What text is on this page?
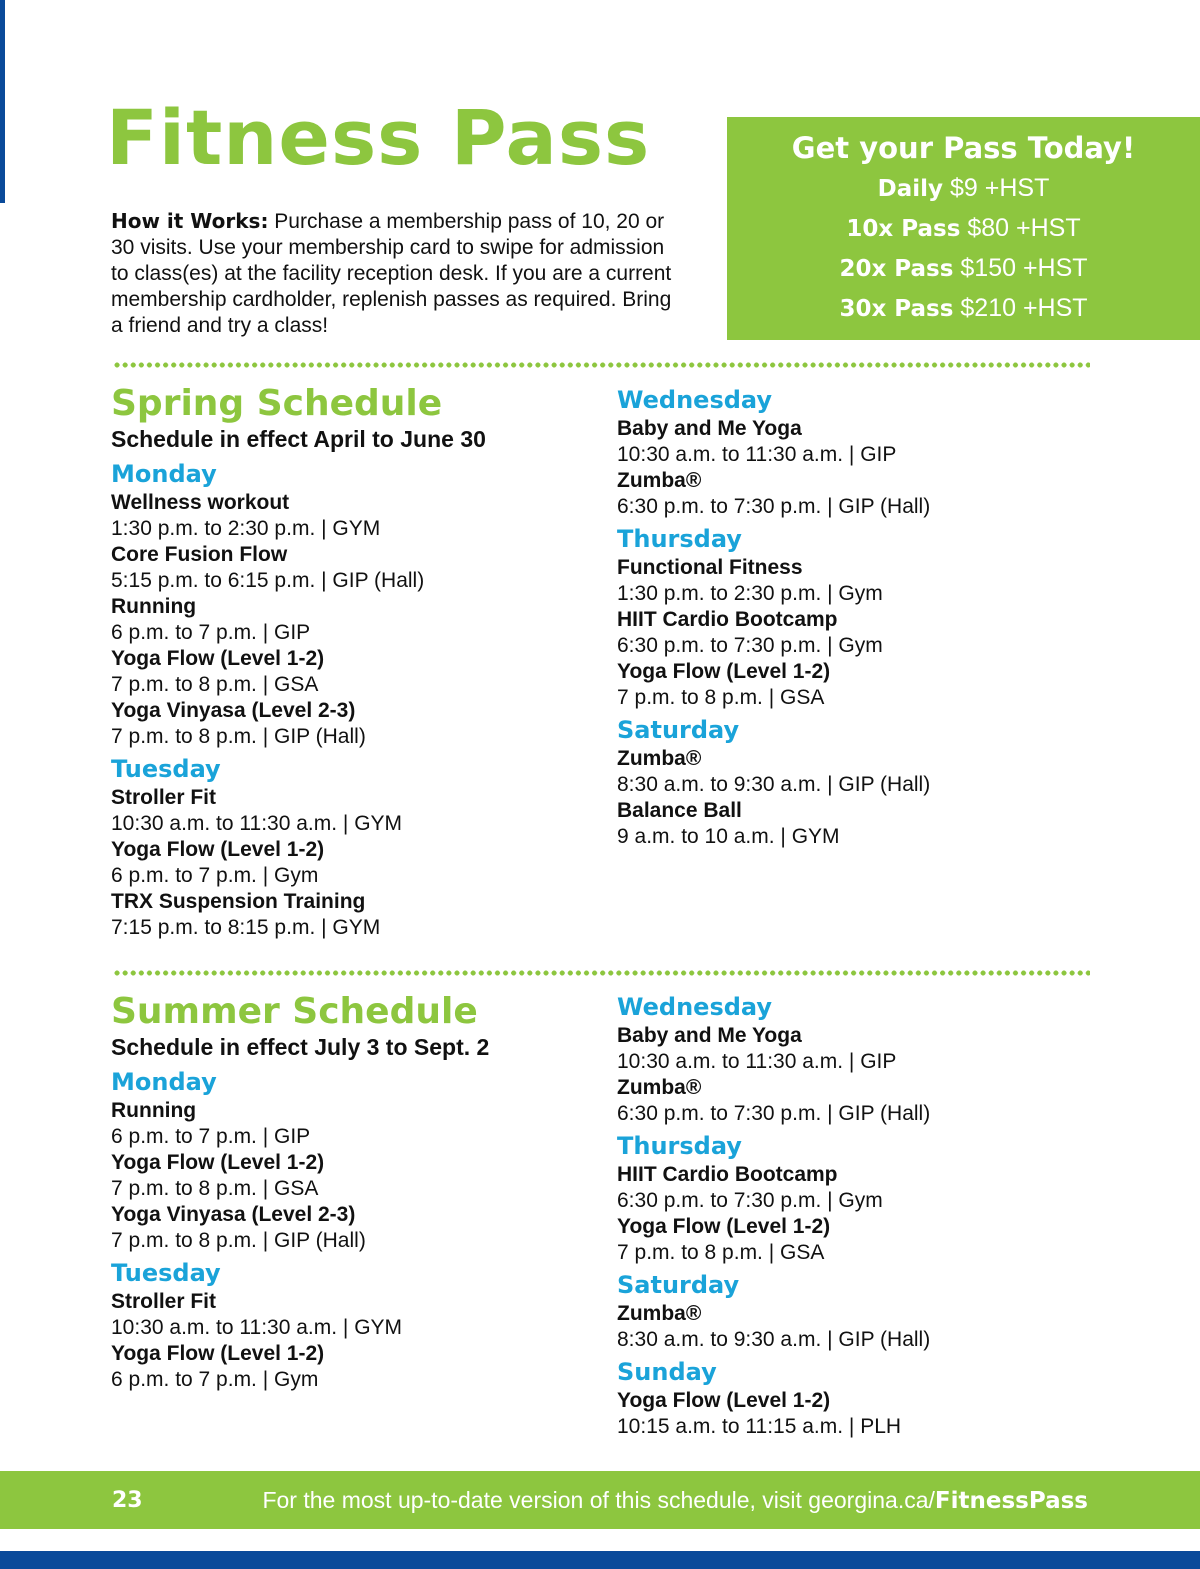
Fitness Pass
How it Works: Purchase a membership pass of 10, 20 or 30 visits. Use your membership card to swipe for admission to class(es) at the facility reception desk. If you are a current membership cardholder, replenish passes as required. Bring a friend and try a class!
Get your Pass Today!
Daily $9 +HST
10x Pass $80 +HST
20x Pass $150 +HST
30x Pass $210 +HST
Spring Schedule
Schedule in effect April to June 30
Monday
Wellness workout
1:30 p.m. to 2:30 p.m. | GYM
Core Fusion Flow
5:15 p.m. to 6:15 p.m. | GIP (Hall)
Running
6 p.m. to 7 p.m. | GIP
Yoga Flow (Level 1-2)
7 p.m. to 8 p.m. | GSA
Yoga Vinyasa (Level 2-3)
7 p.m. to 8 p.m. | GIP (Hall)
Tuesday
Stroller Fit
10:30 a.m. to 11:30 a.m. | GYM
Yoga Flow (Level 1-2)
6 p.m. to 7 p.m. | Gym
TRX Suspension Training
7:15 p.m. to 8:15 p.m. | GYM
Wednesday
Baby and Me Yoga
10:30 a.m. to 11:30 a.m. | GIP
Zumba®
6:30 p.m. to 7:30 p.m. | GIP (Hall)
Thursday
Functional Fitness
1:30 p.m. to 2:30 p.m. | Gym
HIIT Cardio Bootcamp
6:30 p.m. to 7:30 p.m. | Gym
Yoga Flow (Level 1-2)
7 p.m. to 8 p.m. | GSA
Saturday
Zumba®
8:30 a.m. to 9:30 a.m. | GIP (Hall)
Balance Ball
9 a.m. to 10 a.m. | GYM
Summer Schedule
Schedule in effect July 3 to Sept. 2
Monday
Running
6 p.m. to 7 p.m. | GIP
Yoga Flow (Level 1-2)
7 p.m. to 8 p.m. | GSA
Yoga Vinyasa (Level 2-3)
7 p.m. to 8 p.m. | GIP (Hall)
Tuesday
Stroller Fit
10:30 a.m. to 11:30 a.m. | GYM
Yoga Flow (Level 1-2)
6 p.m. to 7 p.m. | Gym
Wednesday
Baby and Me Yoga
10:30 a.m. to 11:30 a.m. | GIP
Zumba®
6:30 p.m. to 7:30 p.m. | GIP (Hall)
Thursday
HIIT Cardio Bootcamp
6:30 p.m. to 7:30 p.m. | Gym
Yoga Flow (Level 1-2)
7 p.m. to 8 p.m. | GSA
Saturday
Zumba®
8:30 a.m. to 9:30 a.m. | GIP (Hall)
Sunday
Yoga Flow (Level 1-2)
10:15 a.m. to 11:15 a.m. | PLH
23	For the most up-to-date version of this schedule, visit georgina.ca/FitnessPass
